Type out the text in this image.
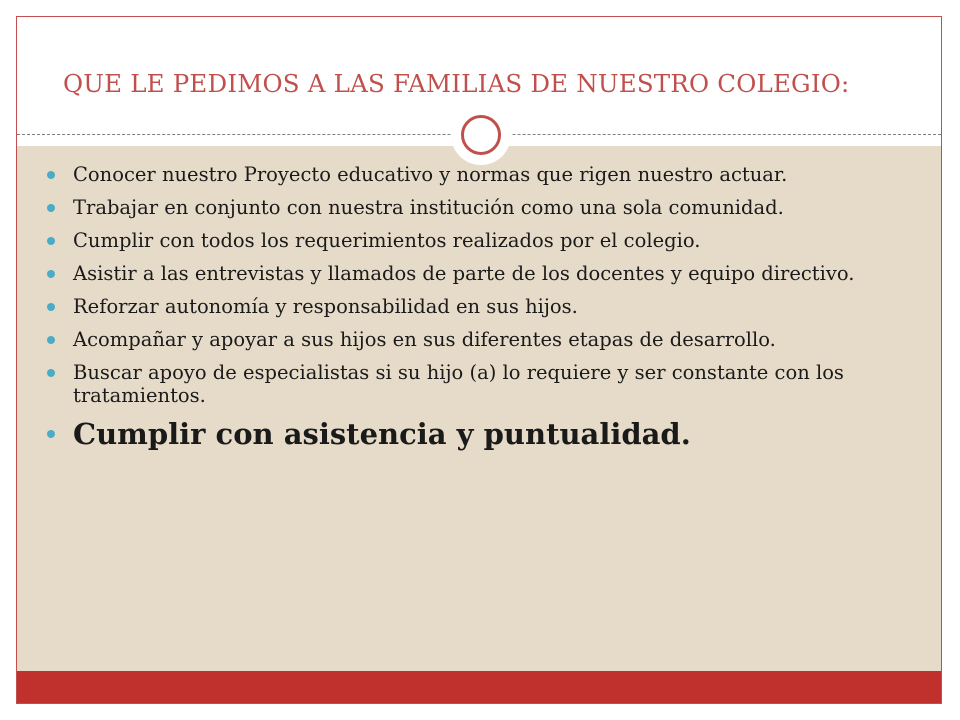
QUE LE PEDIMOS A LAS FAMILIAS DE NUESTRO COLEGIO:
Conocer nuestro Proyecto educativo y normas que rigen nuestro actuar.
Trabajar en conjunto con nuestra institución como una sola comunidad.
Cumplir con todos los requerimientos realizados por el colegio.
Asistir a las entrevistas y llamados de parte de los docentes y equipo directivo.
Reforzar autonomía y responsabilidad en sus hijos.
Acompañar y apoyar a sus hijos en sus diferentes etapas de desarrollo.
Buscar apoyo de especialistas si su hijo (a) lo requiere y ser constante con los tratamientos.
Cumplir con asistencia y puntualidad.
